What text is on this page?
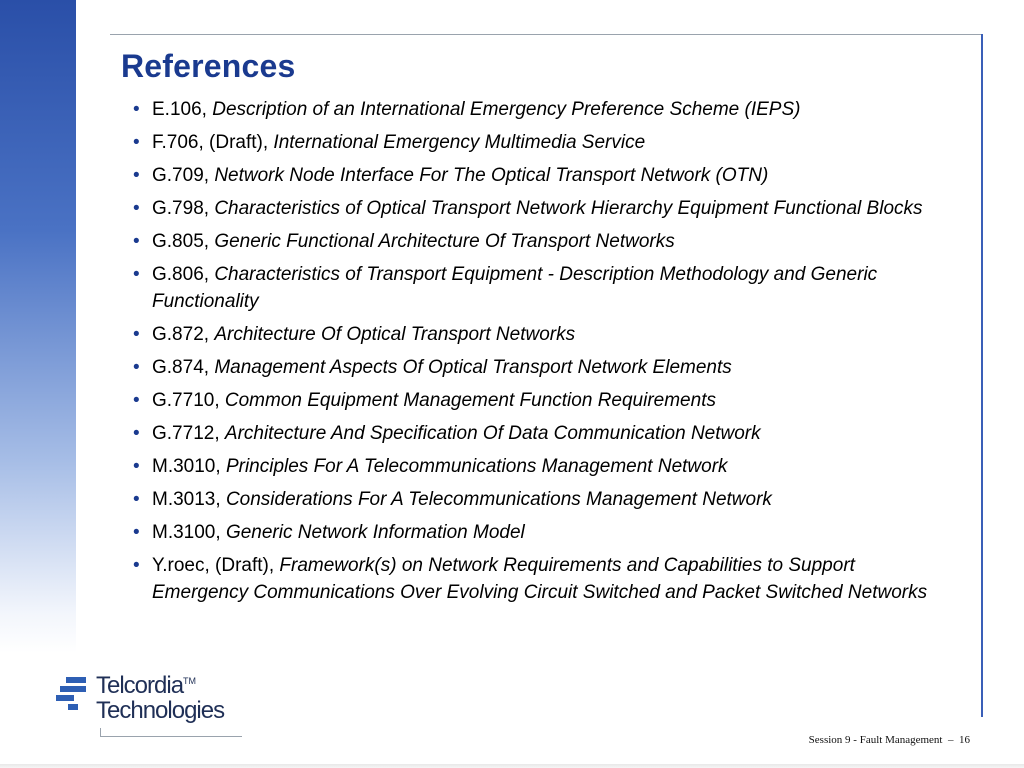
References
• E.106, Description of an International Emergency Preference Scheme (IEPS)
• F.706, (Draft), International Emergency Multimedia Service
• G.709, Network Node Interface For The Optical Transport Network (OTN)
• G.798, Characteristics of Optical Transport Network Hierarchy Equipment Functional Blocks
• G.805, Generic Functional Architecture Of Transport Networks
• G.806, Characteristics of Transport Equipment - Description Methodology and Generic Functionality
• G.872, Architecture Of Optical Transport Networks
• G.874, Management Aspects Of Optical Transport Network Elements
• G.7710, Common Equipment Management Function Requirements
• G.7712, Architecture And Specification Of Data Communication Network
• M.3010, Principles For A Telecommunications Management Network
• M.3013, Considerations For A Telecommunications Management Network
• M.3100, Generic Network Information Model
• Y.roec, (Draft), Framework(s) on Network Requirements and Capabilities to Support Emergency Communications Over Evolving Circuit Switched and Packet Switched Networks
Telcordia™
Technologies
Session 9 - Fault Management – 16
